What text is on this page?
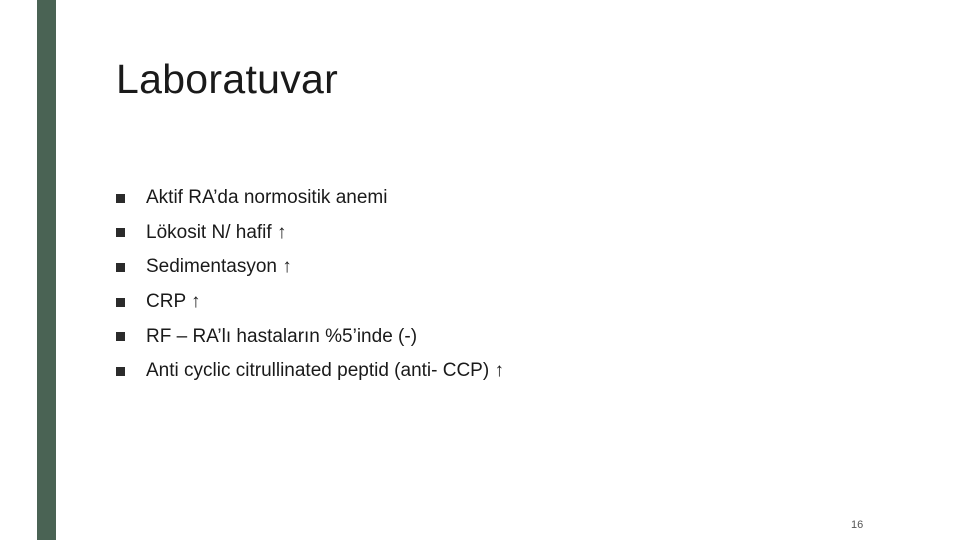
Laboratuvar
Aktif RA’da normositik anemi
Lökosit N/ hafif ↑
Sedimentasyon ↑
CRP ↑
RF – RA’lı hastaların %5’inde (-)
Anti cyclic citrullinated peptid (anti- CCP) ↑
16
